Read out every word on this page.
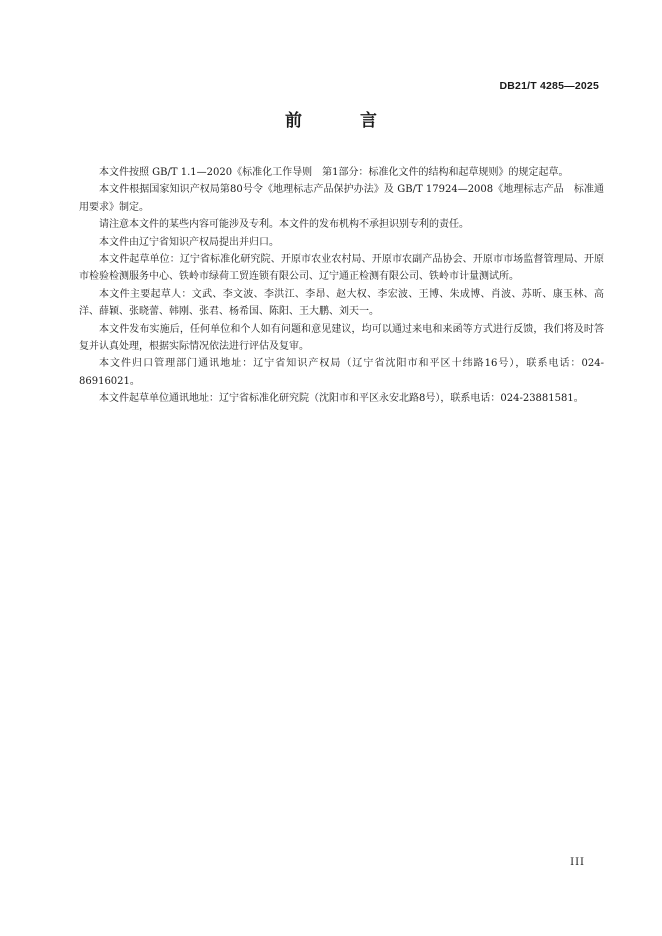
DB21/T 4285—2025
前 言

本文件按照 GB/T 1.1—2020《标准化工作导则　第1部分：标准化文件的结构和起草规则》的规定起草。

本文件根据国家知识产权局第80号令《地理标志产品保护办法》及 GB/T 17924—2008《地理标志产品　标准通用要求》制定。

请注意本文件的某些内容可能涉及专利。本文件的发布机构不承担识别专利的责任。

本文件由辽宁省知识产权局提出并归口。

本文件起草单位：辽宁省标准化研究院、开原市农业农村局、开原市农副产品协会、开原市市场监督管理局、开原市检验检测服务中心、铁岭市绿荷工贸连锁有限公司、辽宁通正检测有限公司、铁岭市计量测试所。

本文件主要起草人：文武、李文波、李洪江、李昂、赵大权、李宏波、王博、朱成博、肖波、苏昕、康玉林、高洋、薛颖、张晓蕾、韩刚、张君、杨希国、陈阳、王大鹏、刘天一。

本文件发布实施后，任何单位和个人如有问题和意见建议，均可以通过来电和来函等方式进行反馈，我们将及时答复并认真处理，根据实际情况依法进行评估及复审。

本文件归口管理部门通讯地址：辽宁省知识产权局（辽宁省沈阳市和平区十纬路16号），联系电话：024-86916021。

本文件起草单位通讯地址：辽宁省标准化研究院（沈阳市和平区永安北路8号），联系电话：024-23881581。

III
